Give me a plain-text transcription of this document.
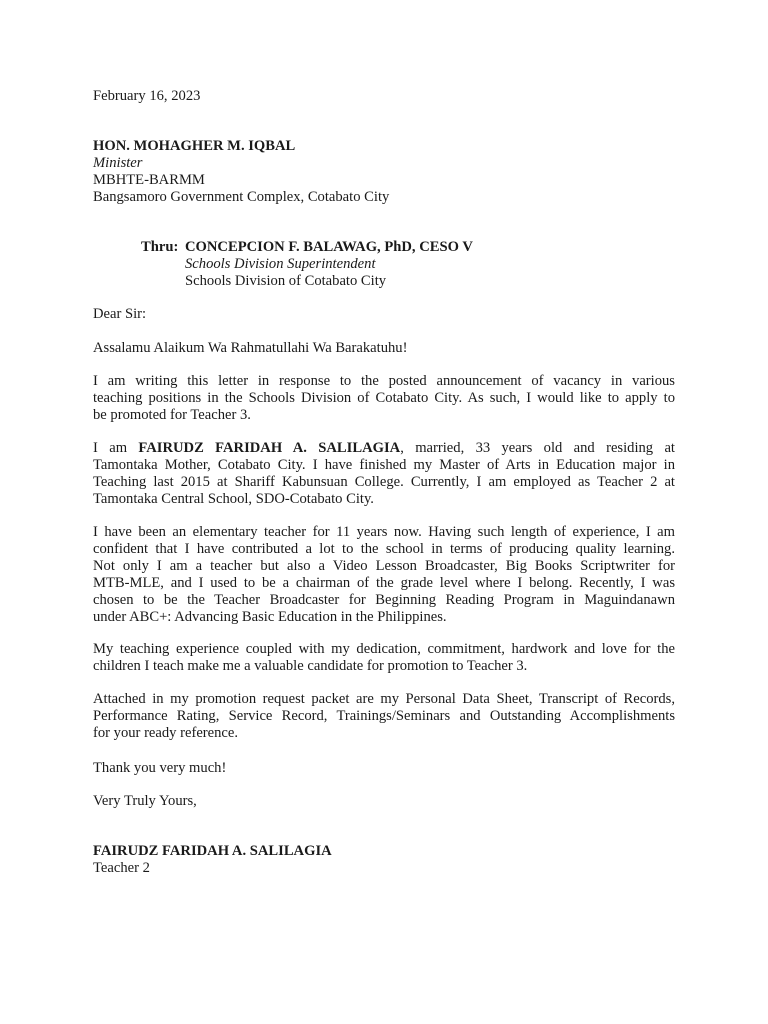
February 16, 2023
HON. MOHAGHER M. IQBAL
Minister
MBHTE-BARMM
Bangsamoro Government Complex, Cotabato City
Thru: CONCEPCION F. BALAWAG, PhD, CESO V
Schools Division Superintendent
Schools Division of Cotabato City
Dear Sir:
Assalamu Alaikum Wa Rahmatullahi Wa Barakatuhu!
I am writing this letter in response to the posted announcement of vacancy in various
teaching positions in the Schools Division of Cotabato City. As such, I would like to apply to
be promoted for Teacher 3.
I am FAIRUDZ FARIDAH A. SALILAGIA, married, 33 years old and residing at
Tamontaka Mother, Cotabato City. I have finished my Master of Arts in Education major in
Teaching last 2015 at Shariff Kabunsuan College. Currently, I am employed as Teacher 2 at
Tamontaka Central School, SDO-Cotabato City.
I have been an elementary teacher for 11 years now. Having such length of experience, I am
confident that I have contributed a lot to the school in terms of producing quality learning.
Not only I am a teacher but also a Video Lesson Broadcaster, Big Books Scriptwriter for
MTB-MLE, and I used to be a chairman of the grade level where I belong. Recently, I was
chosen to be the Teacher Broadcaster for Beginning Reading Program in Maguindanawn
under ABC+: Advancing Basic Education in the Philippines.
My teaching experience coupled with my dedication, commitment, hardwork and love for the
children I teach make me a valuable candidate for promotion to Teacher 3.
Attached in my promotion request packet are my Personal Data Sheet, Transcript of Records,
Performance Rating, Service Record, Trainings/Seminars and Outstanding Accomplishments
for your ready reference.
Thank you very much!
Very Truly Yours,
FAIRUDZ FARIDAH A. SALILAGIA
Teacher 2
